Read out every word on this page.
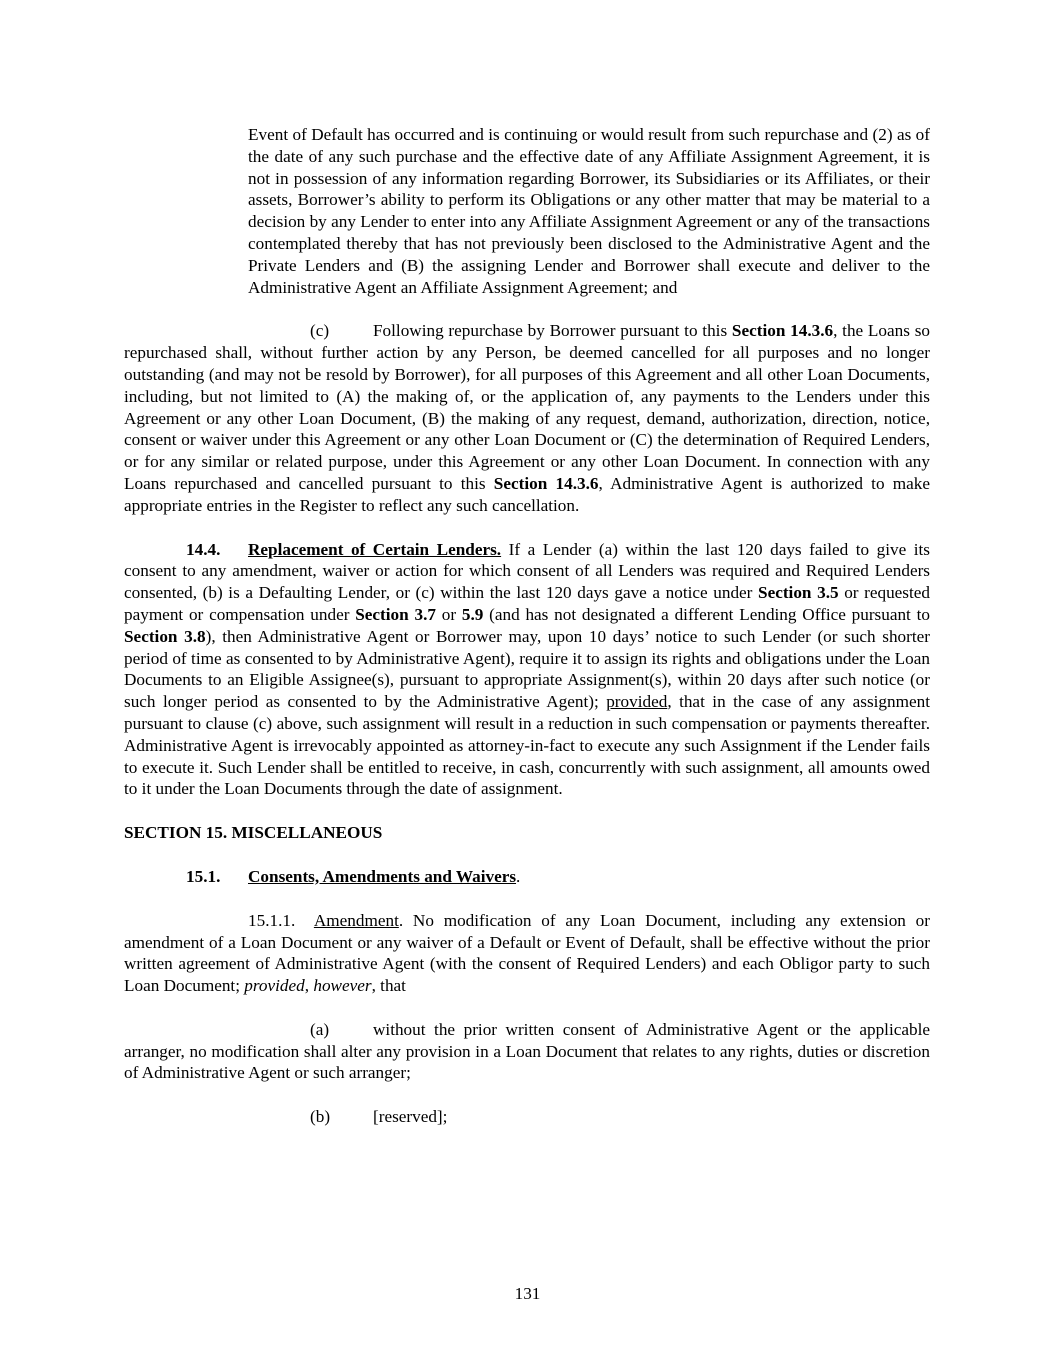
Event of Default has occurred and is continuing or would result from such repurchase and (2) as of the date of any such purchase and the effective date of any Affiliate Assignment Agreement, it is not in possession of any information regarding Borrower, its Subsidiaries or its Affiliates, or their assets, Borrower’s ability to perform its Obligations or any other matter that may be material to a decision by any Lender to enter into any Affiliate Assignment Agreement or any of the transactions contemplated thereby that has not previously been disclosed to the Administrative Agent and the Private Lenders and (B) the assigning Lender and Borrower shall execute and deliver to the Administrative Agent an Affiliate Assignment Agreement; and

(c)	Following repurchase by Borrower pursuant to this Section 14.3.6, the Loans so repurchased shall, without further action by any Person, be deemed cancelled for all purposes and no longer outstanding (and may not be resold by Borrower), for all purposes of this Agreement and all other Loan Documents, including, but not limited to (A) the making of, or the application of, any payments to the Lenders under this Agreement or any other Loan Document, (B) the making of any request, demand, authorization, direction, notice, consent or waiver under this Agreement or any other Loan Document or (C) the determination of Required Lenders, or for any similar or related purpose, under this Agreement or any other Loan Document. In connection with any Loans repurchased and cancelled pursuant to this Section 14.3.6, Administrative Agent is authorized to make appropriate entries in the Register to reflect any such cancellation.

14.4. Replacement of Certain Lenders. If a Lender (a) within the last 120 days failed to give its consent to any amendment, waiver or action for which consent of all Lenders was required and Required Lenders consented, (b) is a Defaulting Lender, or (c) within the last 120 days gave a notice under Section 3.5 or requested payment or compensation under Section 3.7 or 5.9 (and has not designated a different Lending Office pursuant to Section 3.8), then Administrative Agent or Borrower may, upon 10 days’ notice to such Lender (or such shorter period of time as consented to by Administrative Agent), require it to assign its rights and obligations under the Loan Documents to an Eligible Assignee(s), pursuant to appropriate Assignment(s), within 20 days after such notice (or such longer period as consented to by the Administrative Agent); provided, that in the case of any assignment pursuant to clause (c) above, such assignment will result in a reduction in such compensation or payments thereafter. Administrative Agent is irrevocably appointed as attorney-in-fact to execute any such Assignment if the Lender fails to execute it. Such Lender shall be entitled to receive, in cash, concurrently with such assignment, all amounts owed to it under the Loan Documents through the date of assignment.

SECTION 15. MISCELLANEOUS

15.1. Consents, Amendments and Waivers.

15.1.1. Amendment. No modification of any Loan Document, including any extension or amendment of a Loan Document or any waiver of a Default or Event of Default, shall be effective without the prior written agreement of Administrative Agent (with the consent of Required Lenders) and each Obligor party to such Loan Document; provided, however, that

(a)	without the prior written consent of Administrative Agent or the applicable arranger, no modification shall alter any provision in a Loan Document that relates to any rights, duties or discretion of Administrative Agent or such arranger;

(b) [reserved];

131
